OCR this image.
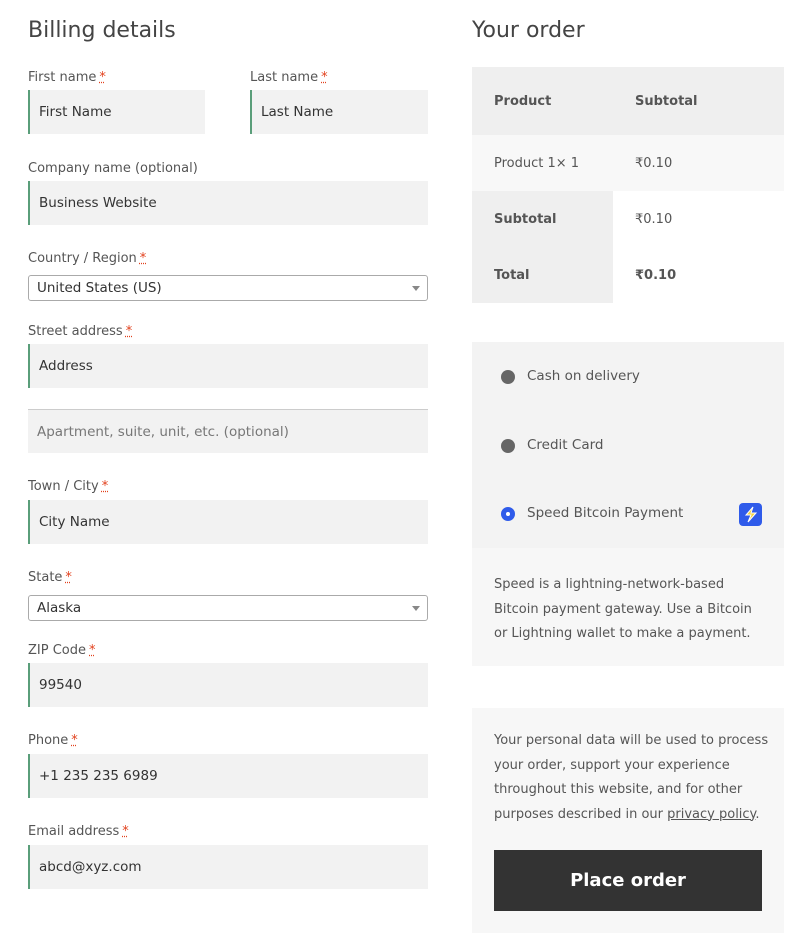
Billing details
First name *
First Name
Last name *
Last Name
Company name (optional)
Business Website
Country / Region *
United States (US)
Street address *
Address
Apartment, suite, unit, etc. (optional)
Town / City *
City Name
State *
Alaska
ZIP Code *
99540
Phone *
+1 235 235 6989
Email address *
abcd@xyz.com
Your order
Product	Subtotal
Product 1 × 1	₹0.10
Subtotal	₹0.10
Total	₹0.10
Cash on delivery
Credit Card
Speed Bitcoin Payment
Speed is a lightning-network-based Bitcoin payment gateway. Use a Bitcoin or Lightning wallet to make a payment.
Your personal data will be used to process your order, support your experience throughout this website, and for other purposes described in our privacy policy.
Place order
